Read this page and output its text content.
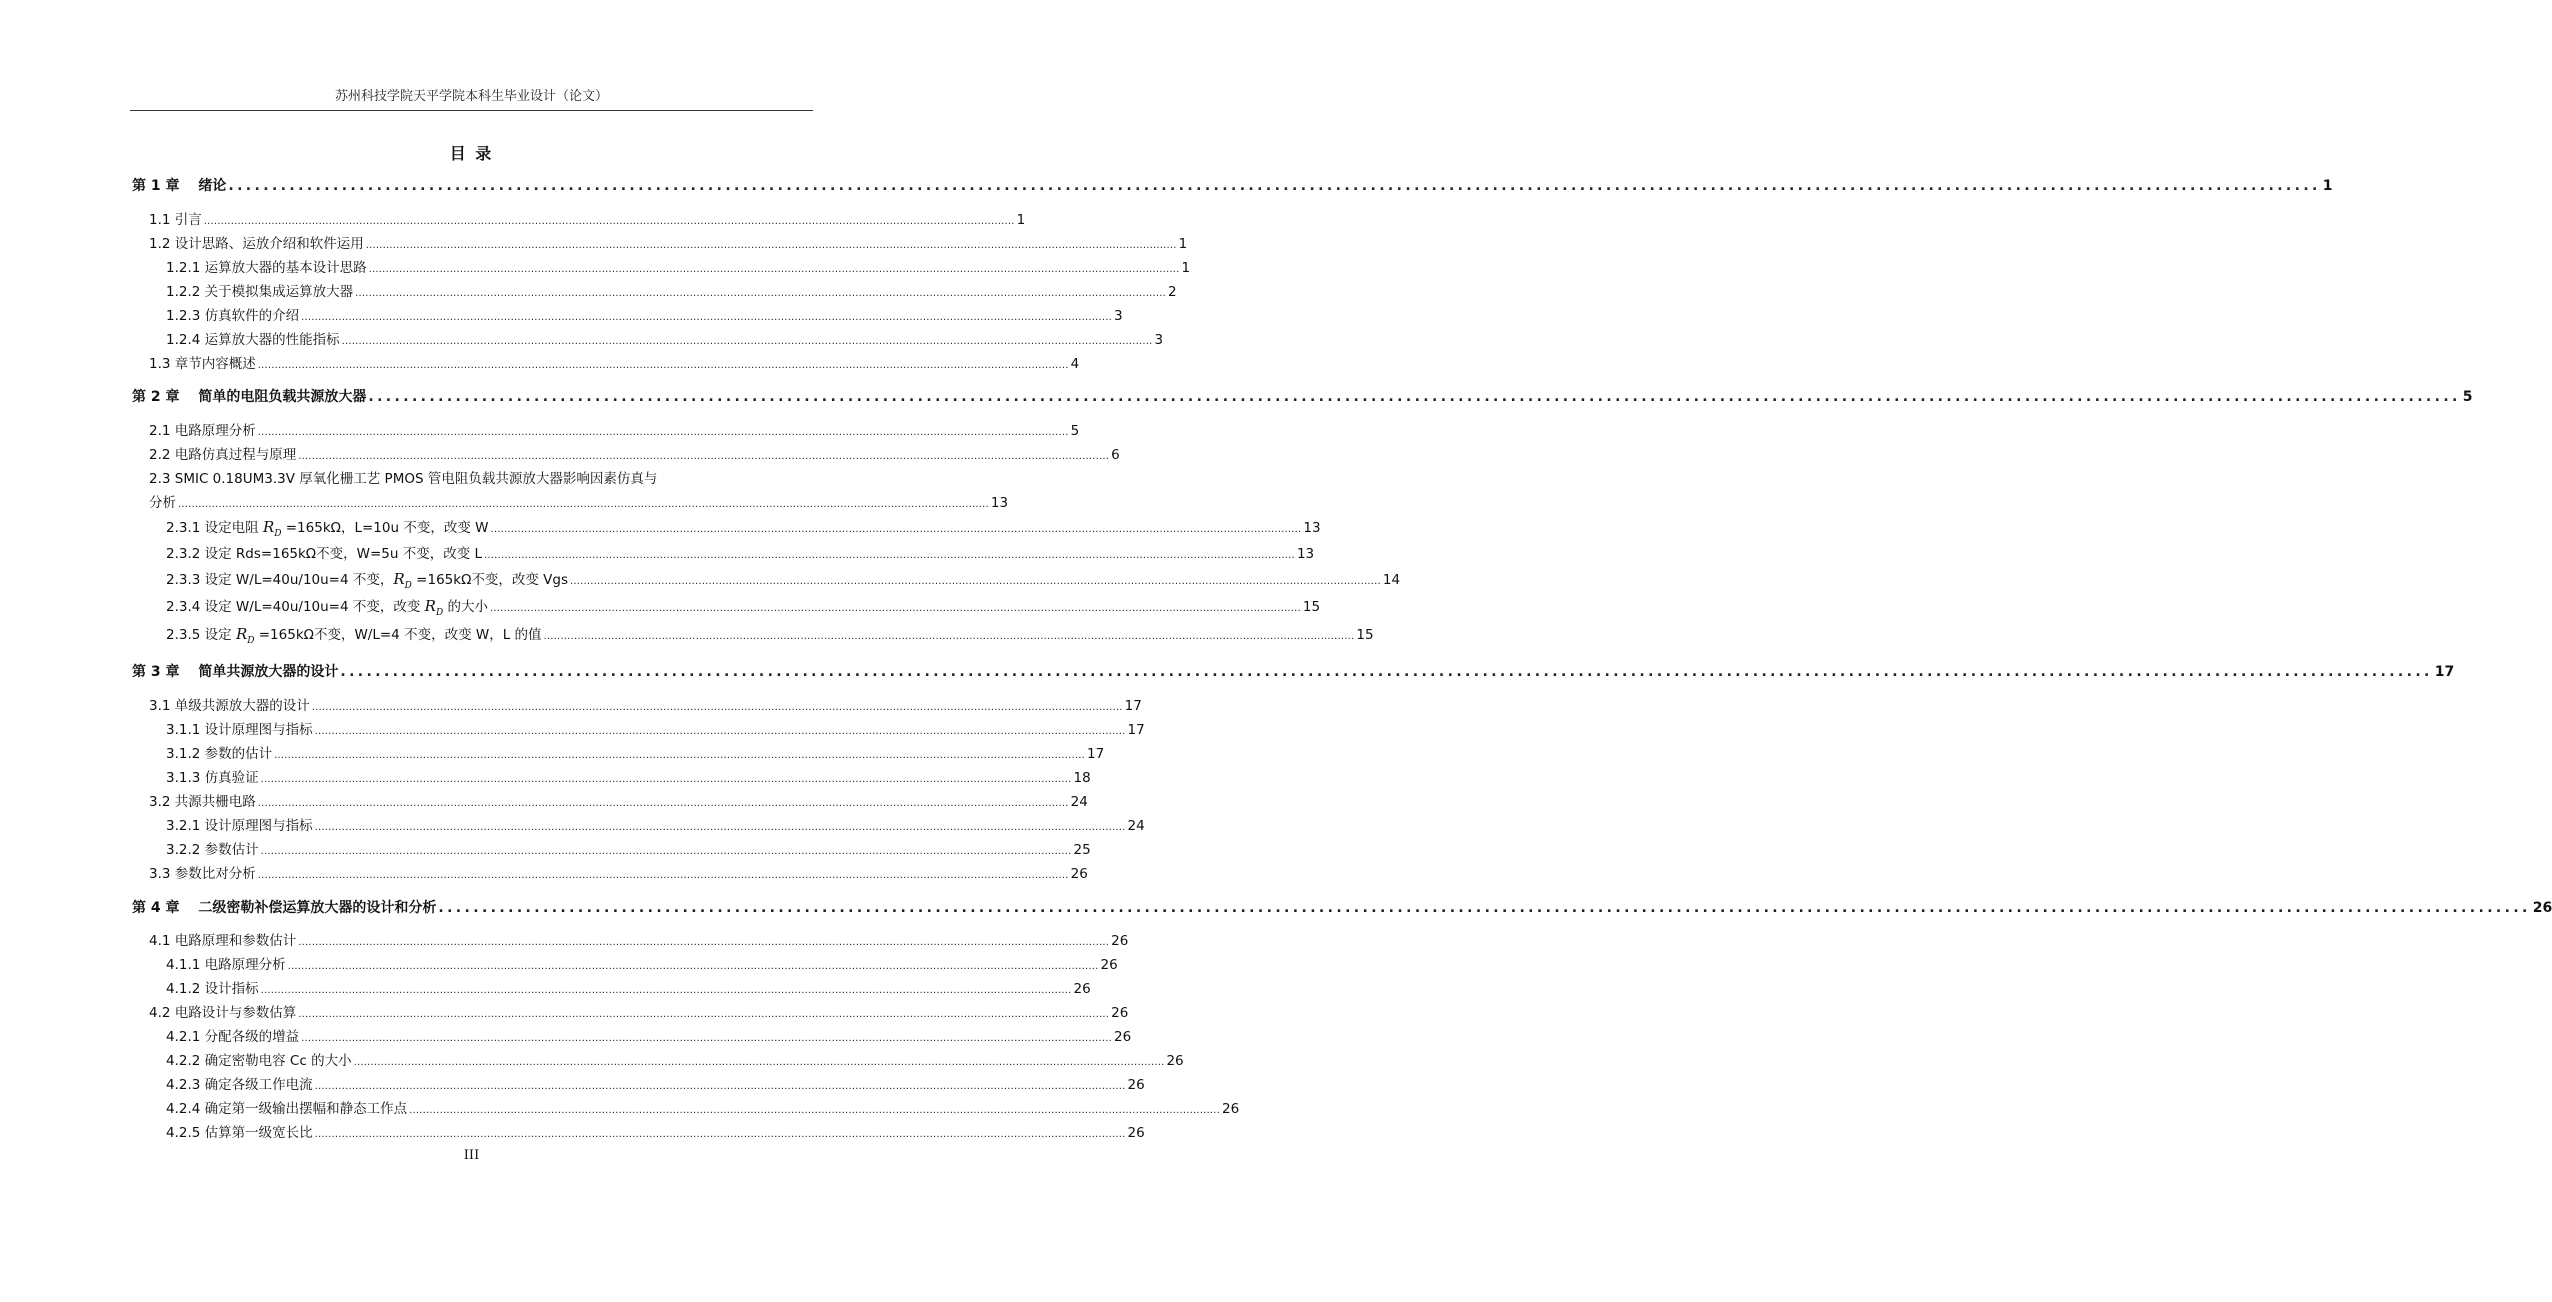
苏州科技学院天平学院本科生毕业设计（论文）
目 录
第 1 章　 绪论 ................................................................................................................................................................................................................................................ 1
1.1 引言 ................................................................................................................................................................................................................................................ 1
1.2 设计思路、运放介绍和软件运用 ................................................................................................................................................................................................................................................ 1
1.2.1 运算放大器的基本设计思路 ................................................................................................................................................................................................................................................ 1
1.2.2 关于模拟集成运算放大器 ................................................................................................................................................................................................................................................ 2
1.2.3 仿真软件的介绍 ................................................................................................................................................................................................................................................ 3
1.2.4 运算放大器的性能指标 ................................................................................................................................................................................................................................................ 3
1.3 章节内容概述 ................................................................................................................................................................................................................................................ 4
第 2 章　 简单的电阻负载共源放大器 ................................................................................................................................................................................................................................................ 5
2.1 电路原理分析 ................................................................................................................................................................................................................................................ 5
2.2 电路仿真过程与原理 ................................................................................................................................................................................................................................................ 6
2.3 SMIC 0.18UM3.3V 厚氧化栅工艺 PMOS 管电阻负载共源放大器影响因素仿真与
分析 ................................................................................................................................................................................................................................................ 13
2.3.1 设定电阻 $R_D =165k\Omega$，L=10u 不变，改变 W ................................................................................................................................................................................................................................................ 13
2.3.2 设定 Rds=165kΩ不变，W=5u 不变，改变 L ................................................................................................................................................................................................................................................ 13
2.3.3 设定 W/L=40u/10u=4 不变，$R_D =165k\Omega$不变，改变 Vgs ................................................................................................................................................................................................................................................ 14
2.3.4 设定 W/L=40u/10u=4 不变，改变 $R_D$ 的大小 ................................................................................................................................................................................................................................................ 15
2.3.5 设定 $R_D =165k\Omega$不变，W/L=4 不变，改变 W，L 的值 ................................................................................................................................................................................................................................................ 15
第 3 章　 简单共源放大器的设计 ................................................................................................................................................................................................................................................ 17
3.1 单级共源放大器的设计 ................................................................................................................................................................................................................................................ 17
3.1.1 设计原理图与指标 ................................................................................................................................................................................................................................................ 17
3.1.2 参数的估计 ................................................................................................................................................................................................................................................ 17
3.1.3 仿真验证 ................................................................................................................................................................................................................................................ 18
3.2 共源共栅电路 ................................................................................................................................................................................................................................................ 24
3.2.1 设计原理图与指标 ................................................................................................................................................................................................................................................ 24
3.2.2 参数估计 ................................................................................................................................................................................................................................................ 25
3.3 参数比对分析 ................................................................................................................................................................................................................................................ 26
第 4 章　 二级密勒补偿运算放大器的设计和分析 ................................................................................................................................................................................................................................................ 26
4.1 电路原理和参数估计 ................................................................................................................................................................................................................................................ 26
4.1.1 电路原理分析 ................................................................................................................................................................................................................................................ 26
4.1.2 设计指标 ................................................................................................................................................................................................................................................ 26
4.2 电路设计与参数估算 ................................................................................................................................................................................................................................................ 26
4.2.1 分配各级的增益 ................................................................................................................................................................................................................................................ 26
4.2.2 确定密勒电容 Cc 的大小 ................................................................................................................................................................................................................................................ 26
4.2.3 确定各级工作电流 ................................................................................................................................................................................................................................................ 26
4.2.4 确定第一级输出摆幅和静态工作点 ................................................................................................................................................................................................................................................ 26
4.2.5 估算第一级宽长比 ................................................................................................................................................................................................................................................ 26
III
